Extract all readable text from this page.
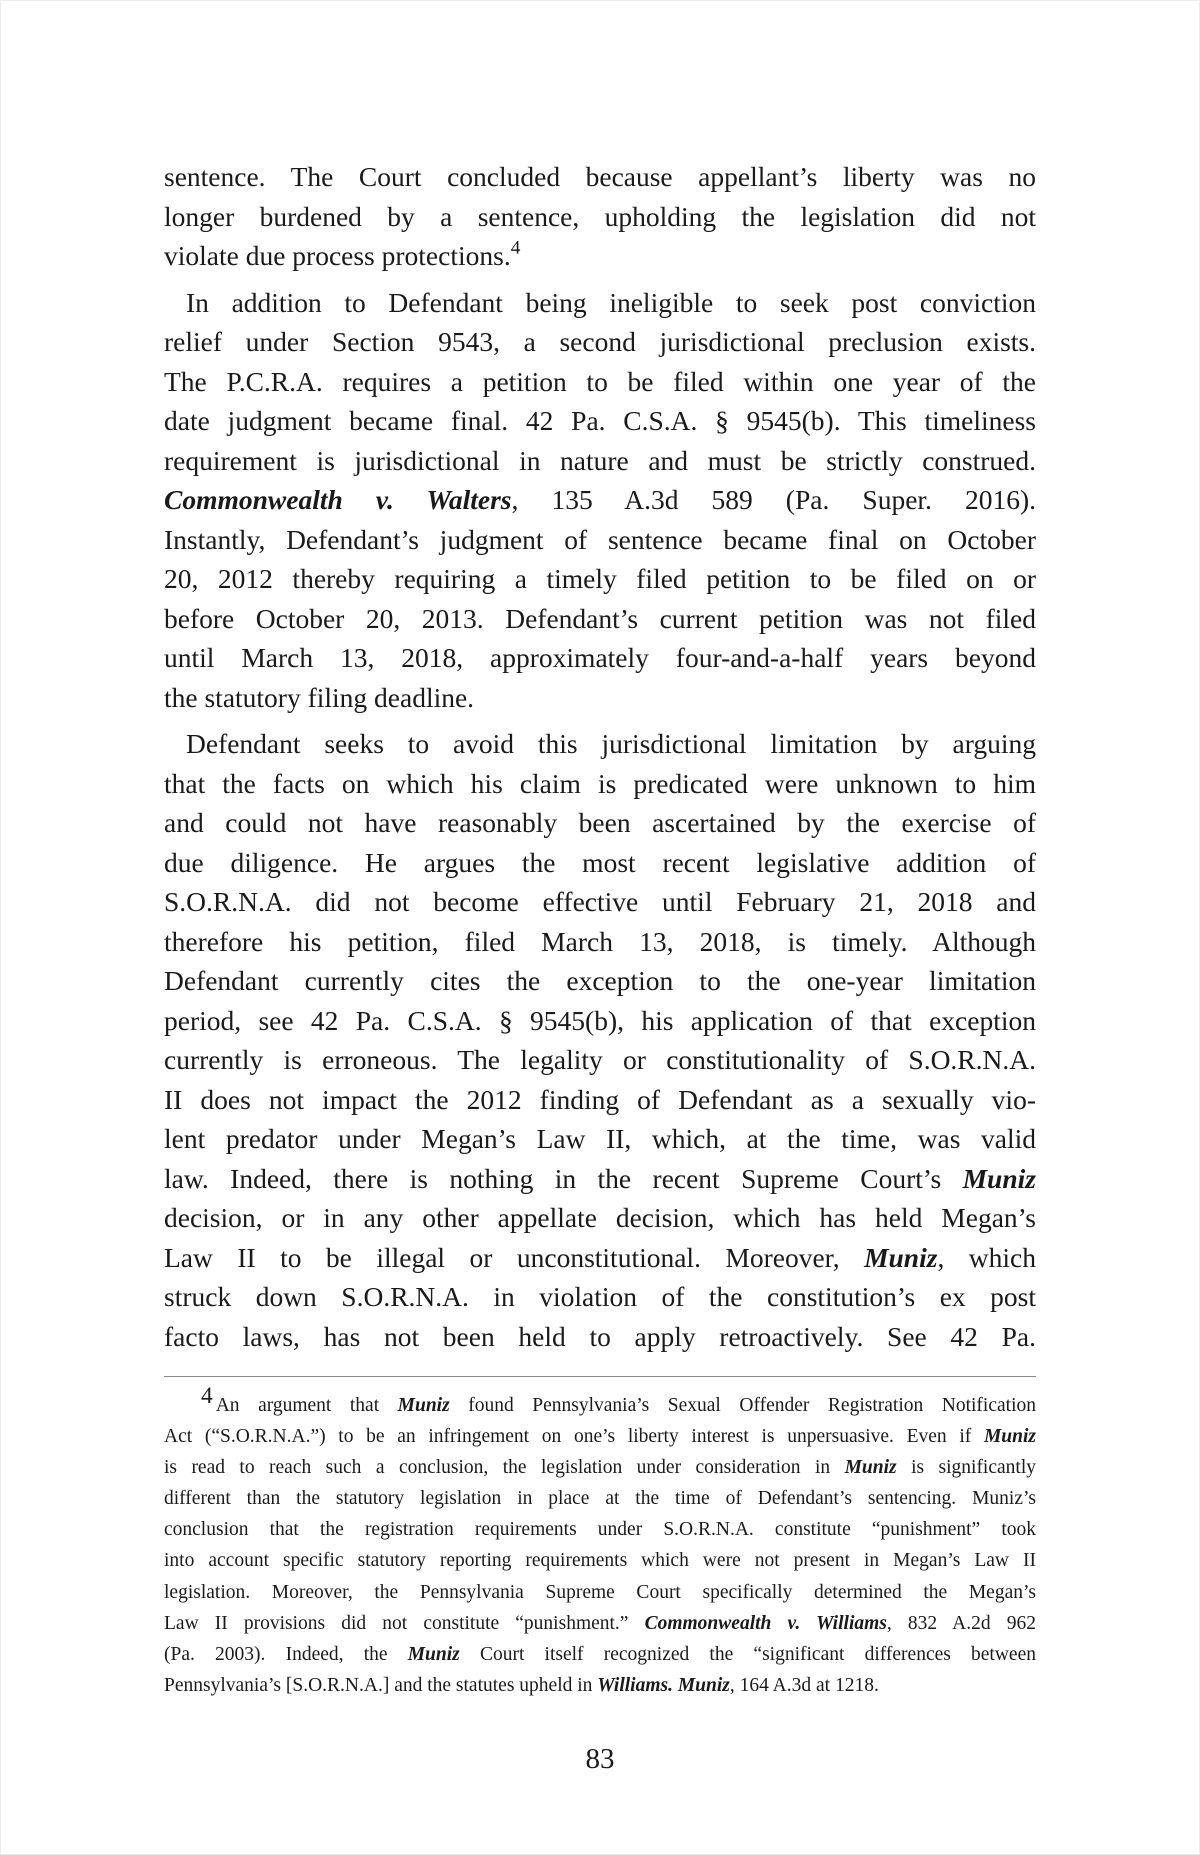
sentence. The Court concluded because appellant’s liberty was no
longer burdened by a sentence, upholding the legislation did not
violate due process protections.$^4$
In addition to Defendant being ineligible to seek post conviction
relief under Section 9543, a second jurisdictional preclusion exists.
The P.C.R.A. requires a petition to be filed within one year of the
date judgment became final. 42 Pa. C.S.A. § 9545(b). This timeliness
requirement is jurisdictional in nature and must be strictly construed.
Commonwealth v. Walters, 135 A.3d 589 (Pa. Super. 2016).
Instantly, Defendant’s judgment of sentence became final on October
20, 2012 thereby requiring a timely filed petition to be filed on or
before October 20, 2013. Defendant’s current petition was not filed
until March 13, 2018, approximately four-and-a-half years beyond
the statutory filing deadline.
Defendant seeks to avoid this jurisdictional limitation by arguing
that the facts on which his claim is predicated were unknown to him
and could not have reasonably been ascertained by the exercise of
due diligence. He argues the most recent legislative addition of
S.O.R.N.A. did not become effective until February 21, 2018 and
therefore his petition, filed March 13, 2018, is timely. Although
Defendant currently cites the exception to the one-year limitation
period, see 42 Pa. C.S.A. § 9545(b), his application of that exception
currently is erroneous. The legality or constitutionality of S.O.R.N.A.
II does not impact the 2012 finding of Defendant as a sexually vio-
lent predator under Megan’s Law II, which, at the time, was valid
law. Indeed, there is nothing in the recent Supreme Court’s Muniz
decision, or in any other appellate decision, which has held Megan’s
Law II to be illegal or unconstitutional. Moreover, Muniz, which
struck down S.O.R.N.A. in violation of the constitution’s ex post
facto laws, has not been held to apply retroactively. See 42 Pa.
$^4$ An argument that Muniz found Pennsylvania’s Sexual Offender Registration Notification
Act (“S.O.R.N.A.”) to be an infringement on one’s liberty interest is unpersuasive. Even if Muniz
is read to reach such a conclusion, the legislation under consideration in Muniz is significantly
different than the statutory legislation in place at the time of Defendant’s sentencing. Muniz’s
conclusion that the registration requirements under S.O.R.N.A. constitute “punishment” took
into account specific statutory reporting requirements which were not present in Megan’s Law II
legislation. Moreover, the Pennsylvania Supreme Court specifically determined the Megan’s
Law II provisions did not constitute “punishment.” Commonwealth v. Williams, 832 A.2d 962
(Pa. 2003). Indeed, the Muniz Court itself recognized the “significant differences between
Pennsylvania’s [S.O.R.N.A.] and the statutes upheld in Williams. Muniz, 164 A.3d at 1218.
83
